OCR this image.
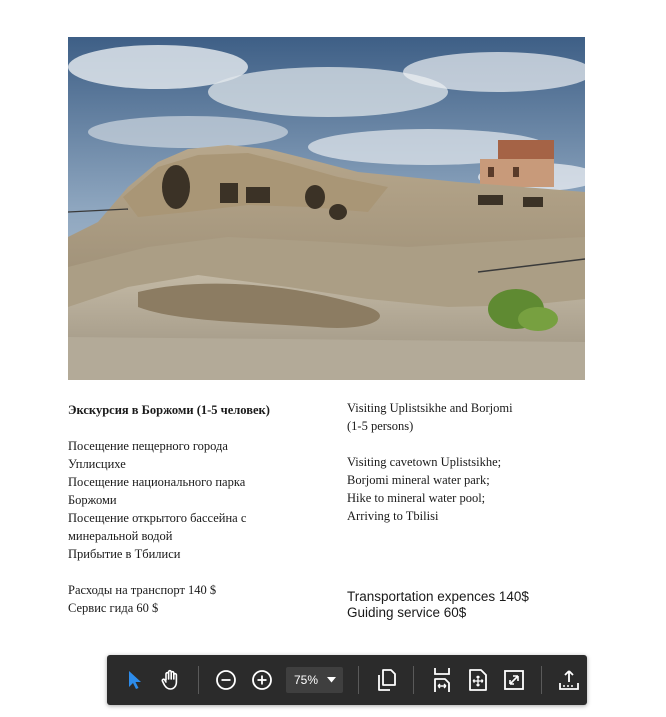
Экскурсия в Боржоми (1-5 человек)
Посещение пещерного города
Уплисцихе
Посещение национального парка
Боржоми
Посещение открытого бассейна с
минеральной водой
Прибытие в Тбилиси
Расходы на транспорт 140 $
Сервис гида 60 $
Visiting Uplistsikhe and Borjomi
(1-5 persons)
Visiting cavetown Uplistsikhe;
Borjomi mineral water park;
Hike to mineral water pool;
Arriving to Tbilisi
Transportation expences 140$
Guiding service 60$
75%
